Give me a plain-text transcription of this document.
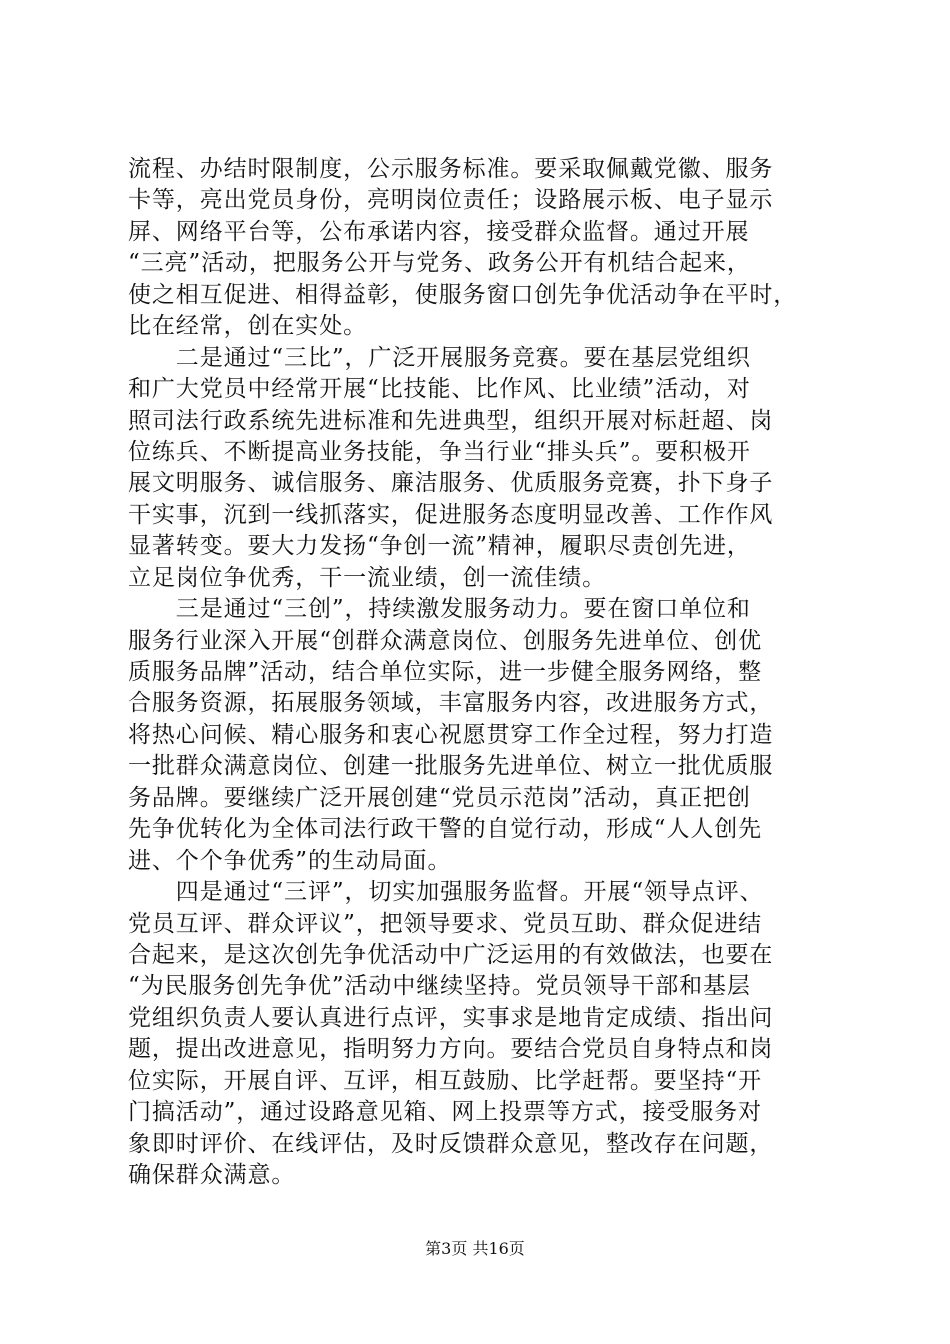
流程、办结时限制度，公示服务标准。要采取佩戴党徽、服务
卡等，亮出党员身份，亮明岗位责任；设路展示板、电子显示
屏、网络平台等，公布承诺内容，接受群众监督。通过开展
“三亮”活动，把服务公开与党务、政务公开有机结合起来，
使之相互促进、相得益彰，使服务窗口创先争优活动争在平时，
比在经常，创在实处。
　　二是通过“三比”，广泛开展服务竞赛。要在基层党组织
和广大党员中经常开展“比技能、比作风、比业绩”活动，对
照司法行政系统先进标准和先进典型，组织开展对标赶超、岗
位练兵、不断提高业务技能，争当行业“排头兵”。要积极开
展文明服务、诚信服务、廉洁服务、优质服务竞赛，扑下身子
干实事，沉到一线抓落实，促进服务态度明显改善、工作作风
显著转变。要大力发扬“争创一流”精神，履职尽责创先进，
立足岗位争优秀，干一流业绩，创一流佳绩。
　　三是通过“三创”，持续激发服务动力。要在窗口单位和
服务行业深入开展“创群众满意岗位、创服务先进单位、创优
质服务品牌”活动，结合单位实际，进一步健全服务网络，整
合服务资源，拓展服务领域，丰富服务内容，改进服务方式，
将热心问候、精心服务和衷心祝愿贯穿工作全过程，努力打造
一批群众满意岗位、创建一批服务先进单位、树立一批优质服
务品牌。要继续广泛开展创建“党员示范岗”活动，真正把创
先争优转化为全体司法行政干警的自觉行动，形成“人人创先
进、个个争优秀”的生动局面。
　　四是通过“三评”，切实加强服务监督。开展“领导点评、
党员互评、群众评议”，把领导要求、党员互助、群众促进结
合起来，是这次创先争优活动中广泛运用的有效做法，也要在
“为民服务创先争优”活动中继续坚持。党员领导干部和基层
党组织负责人要认真进行点评，实事求是地肯定成绩、指出问
题，提出改进意见，指明努力方向。要结合党员自身特点和岗
位实际，开展自评、互评，相互鼓励、比学赶帮。要坚持“开
门搞活动”，通过设路意见箱、网上投票等方式，接受服务对
象即时评价、在线评估，及时反馈群众意见，整改存在问题，
确保群众满意。
第3页 共16页
